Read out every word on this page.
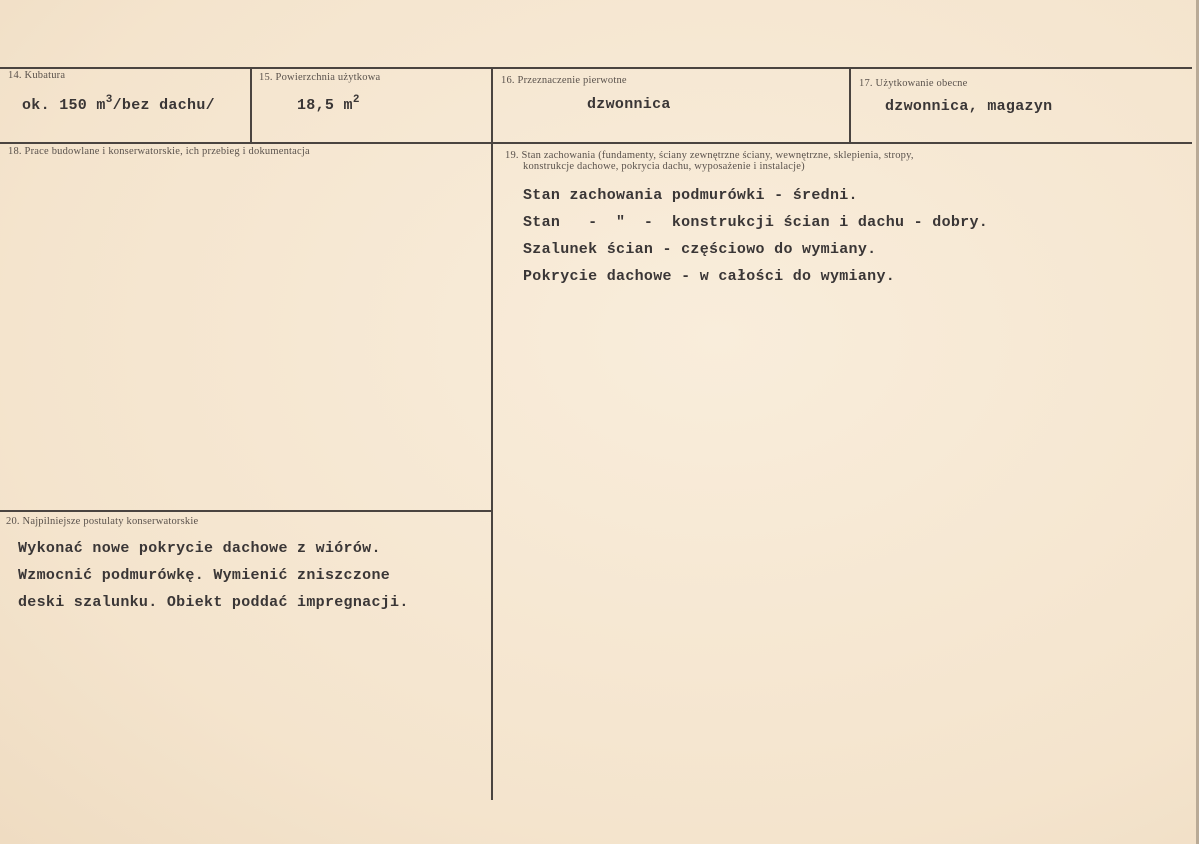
14. Kubatura
ok. 150 $m^3$/bez dachu/
15. Powierzchnia użytkowa
18,5 $m^2$
16. Przeznaczenie pierwotne
dzwonnica
17. Użytkowanie obecne
dzwonnica, magazyn
18. Prace budowlane i konserwatorskie, ich przebieg i dokumentacja	19. Stan zachowania (fundamenty, ściany zewnętrzne ściany, wewnętrzne, sklepienia, stropy,
konstrukcje dachowe, pokrycia dachu, wyposażenie i instalacje)
Stan zachowania podmurówki - średni.
Stan   -  "  -  konstrukcji ścian i dachu - dobry.
Szalunek ścian - częściowo do wymiany.
Pokrycie dachowe - w całości do wymiany.
20. Najpilniejsze postulaty konserwatorskie
Wykonać nowe pokrycie dachowe z wiórów.
Wzmocnić podmurówkę. Wymienić zniszczone
deski szalunku. Obiekt poddać impregnacji.
